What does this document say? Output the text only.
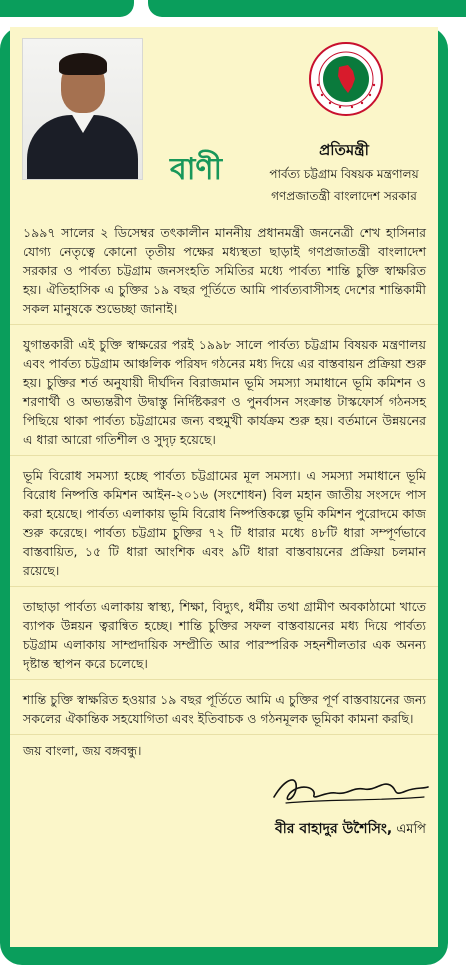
বাণী
প্রতিমন্ত্রী
পার্বত্য চট্টগ্রাম বিষয়ক মন্ত্রণালয়
গণপ্রজাতন্ত্রী বাংলাদেশ সরকার
১৯৯৭ সালের ২ ডিসেম্বর তৎকালীন মাননীয় প্রধানমন্ত্রী জননেত্রী শেখ হাসিনার যোগ্য নেতৃত্বে কোনো তৃতীয় পক্ষের মধ্যস্থতা ছাড়াই গণপ্রজাতন্ত্রী বাংলাদেশ সরকার ও পার্বত্য চট্টগ্রাম জনসংহতি সমিতির মধ্যে পার্বত্য শান্তি চুক্তি স্বাক্ষরিত হয়। ঐতিহাসিক এ চুক্তির ১৯ বছর পূর্তিতে আমি পার্বত্যবাসীসহ দেশের শান্তিকামী সকল মানুষকে শুভেচ্ছা জানাই।
যুগান্তকারী এই চুক্তি স্বাক্ষরের পরই ১৯৯৮ সালে পার্বত্য চট্টগ্রাম বিষয়ক মন্ত্রণালয় এবং পার্বত্য চট্টগ্রাম আঞ্চলিক পরিষদ গঠনের মধ্য দিয়ে এর বাস্তবায়ন প্রক্রিয়া শুরু হয়। চুক্তির শর্ত অনুযায়ী দীর্ঘদিন বিরাজমান ভূমি সমস্যা সমাধানে ভূমি কমিশন ও শরণার্থী ও অভ্যন্তরীণ উদ্বাস্তু নির্দিষ্টকরণ ও পুনর্বাসন সংক্রান্ত টাস্কফোর্স গঠনসহ পিছিয়ে থাকা পার্বত্য চট্টগ্রামের জন্য বহুমুখী কার্যক্রম শুরু হয়। বর্তমানে উন্নয়নের এ ধারা আরো গতিশীল ও সুদৃঢ় হয়েছে।
ভূমি বিরোধ সমস্যা হচ্ছে পার্বত্য চট্টগ্রামের মূল সমস্যা। এ সমস্যা সমাধানে ভূমি বিরোধ নিষ্পত্তি কমিশন আইন-২০১৬ (সংশোধন) বিল মহান জাতীয় সংসদে পাস করা হয়েছে। পার্বত্য এলাকায় ভূমি বিরোধ নিষ্পত্তিকল্পে ভূমি কমিশন পুরোদমে কাজ শুরু করেছে। পার্বত্য চট্টগ্রাম চুক্তির ৭২ টি ধারার মধ্যে ৪৮টি ধারা সম্পূর্ণভাবে বাস্তবায়িত, ১৫ টি ধারা আংশিক এবং ৯টি ধারা বাস্তবায়নের প্রক্রিয়া চলমান রয়েছে।
তাছাড়া পার্বত্য এলাকায় স্বাস্থ্য, শিক্ষা, বিদ্যুৎ, ধর্মীয় তথা গ্রামীণ অবকাঠামো খাতে ব্যাপক উন্নয়ন ত্বরান্বিত হচ্ছে। শান্তি চুক্তির সফল বাস্তবায়নের মধ্য দিয়ে পার্বত্য চট্টগ্রাম এলাকায় সাম্প্রদায়িক সম্প্রীতি আর পারস্পরিক সহনশীলতার এক অনন্য দৃষ্টান্ত স্থাপন করে চলেছে।
শান্তি চুক্তি স্বাক্ষরিত হওয়ার ১৯ বছর পূর্তিতে আমি এ চুক্তির পূর্ণ বাস্তবায়নের জন্য সকলের ঐকান্তিক সহযোগিতা এবং ইতিবাচক ও গঠনমূলক ভূমিকা কামনা করছি।
জয় বাংলা, জয় বঙ্গবন্ধু।
বীর বাহাদুর উশৈসিং, এমপি
